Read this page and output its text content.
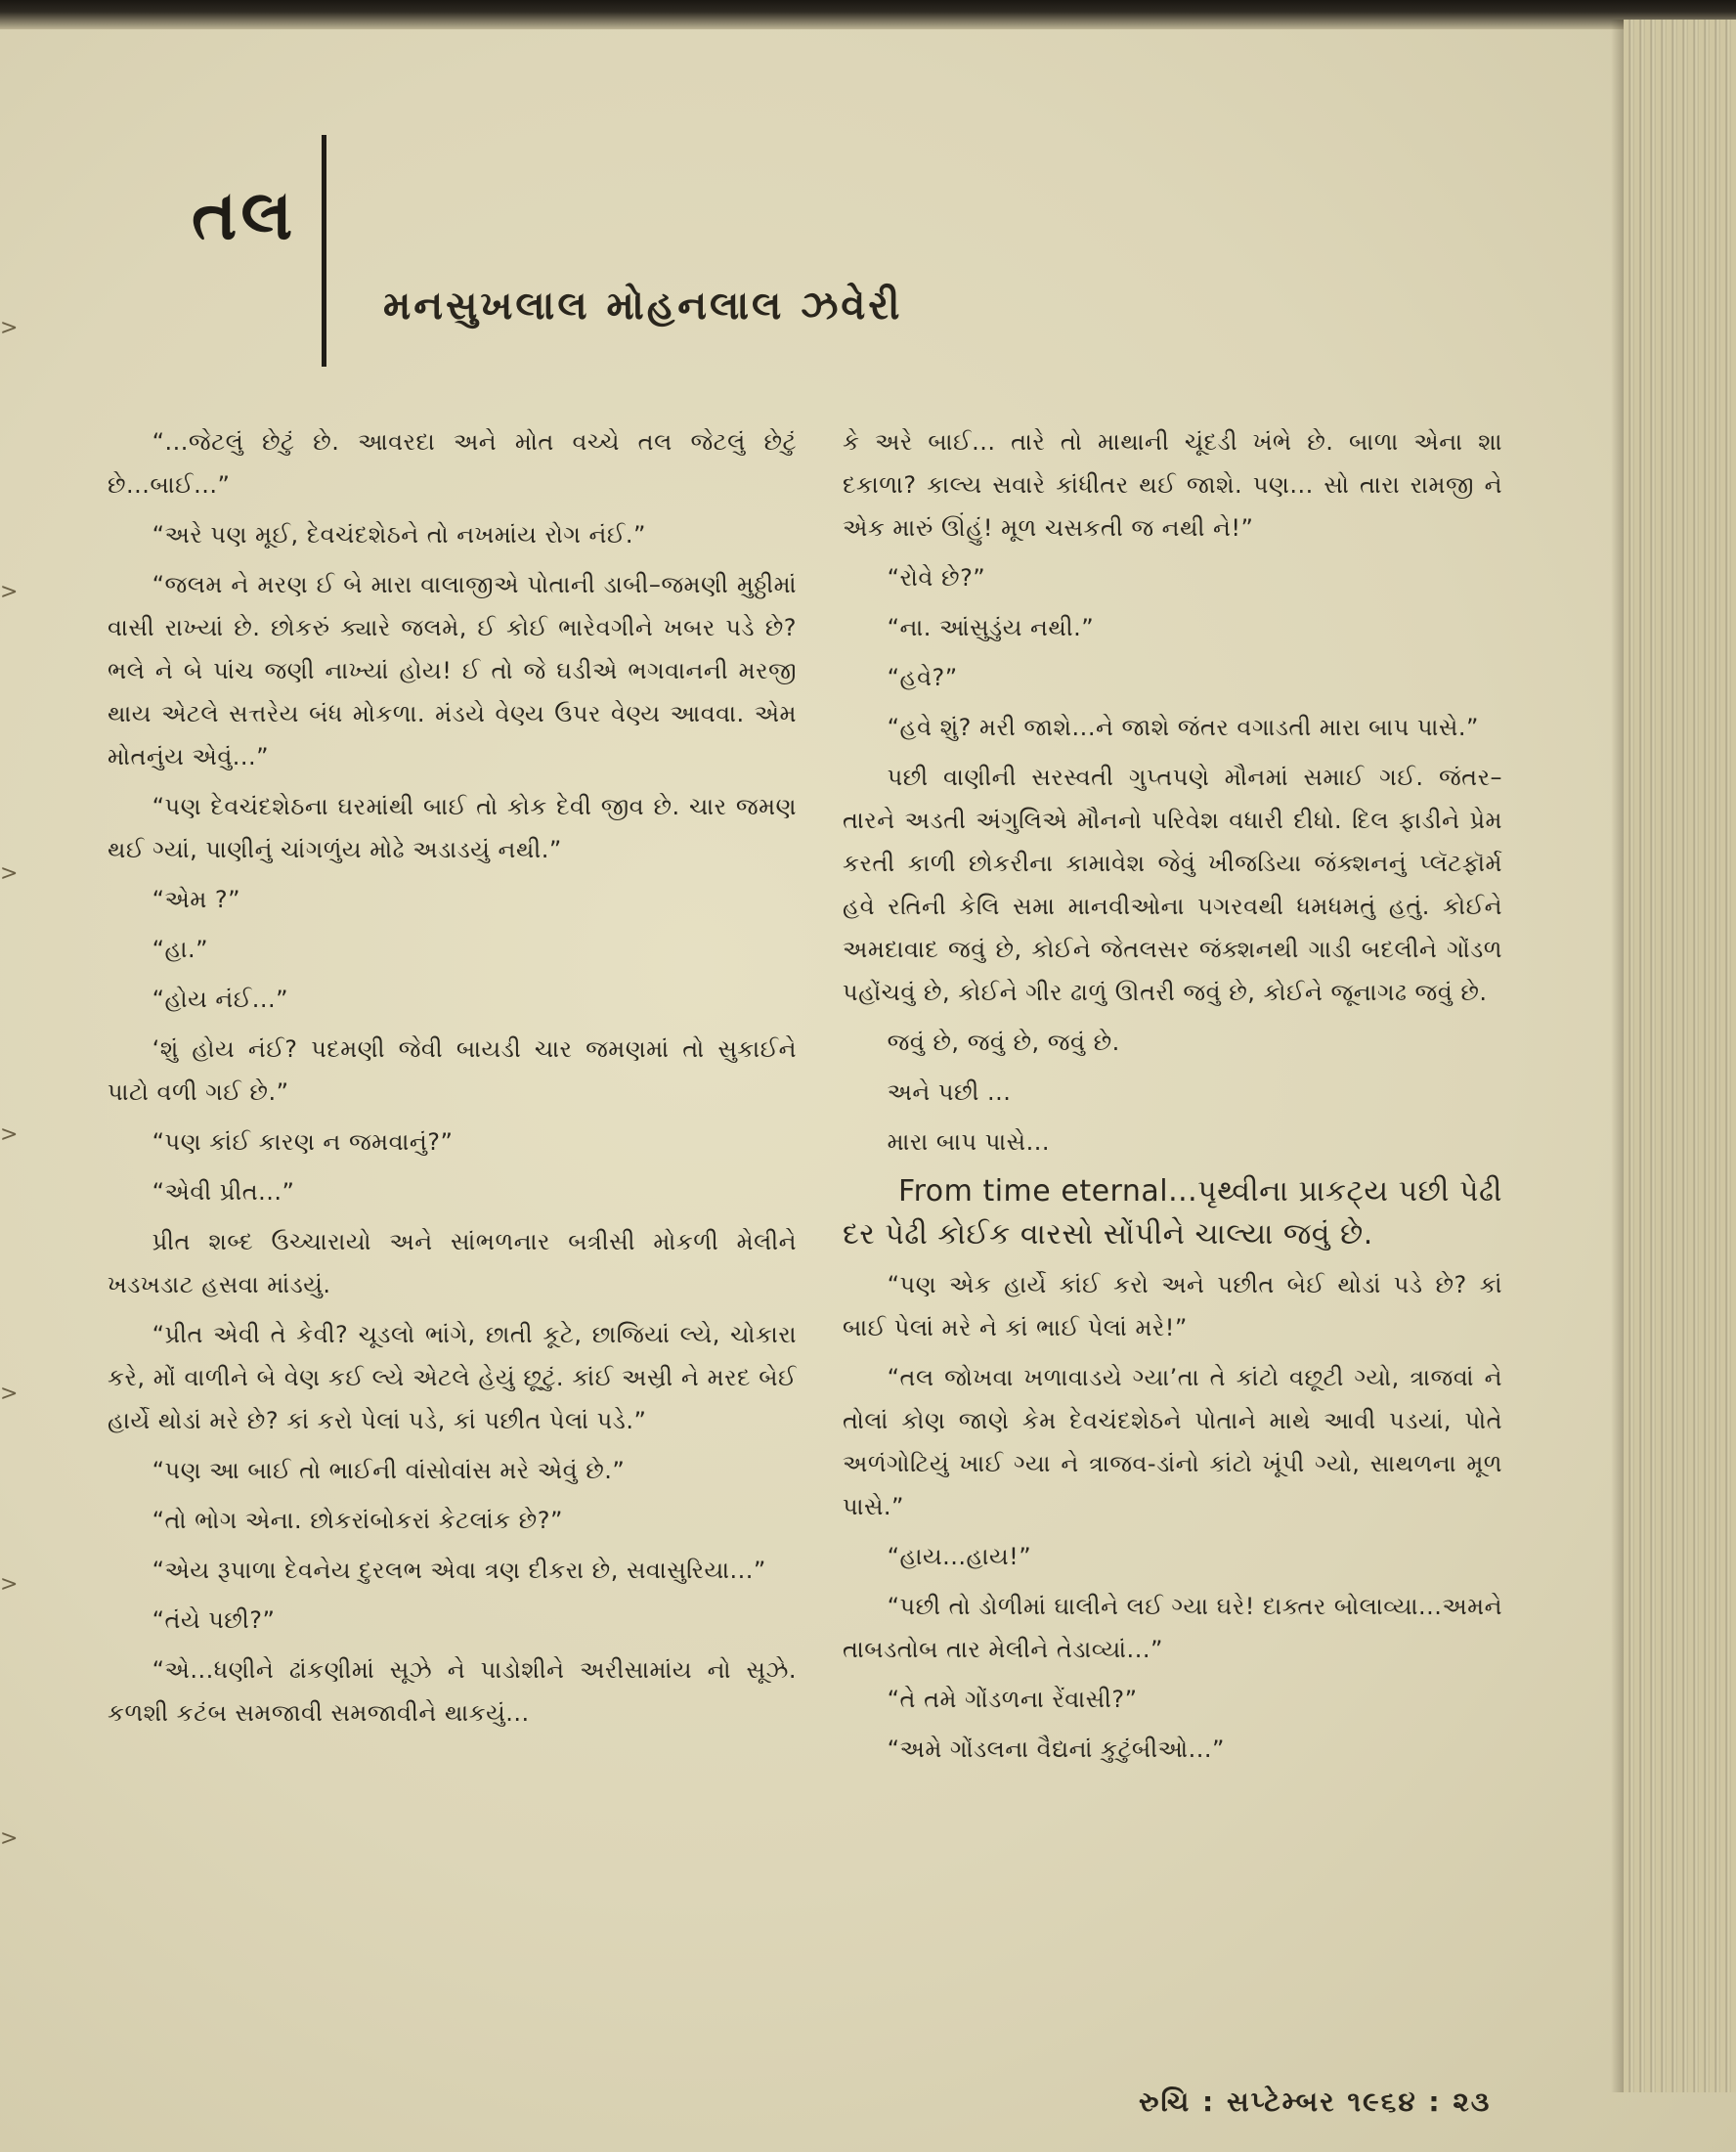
>
>
>
>
>
>
>
તલ
મનસુખલાલ મોહનલાલ ઝવેરી

“...જેટલું છેટું છે. આવરદા અને મોત વચ્ચે તલ જેટલું છેટું છે...બાઈ...”

“અરે પણ મૂઈ, દેવચંદશેઠને તો નખમાંય રોગ નંઈ.”

“જલમ ને મરણ ઈ બે મારા વાલાજીએ પોતાની ડાબી–જમણી મુઠ્ઠીમાં વાસી રાખ્યાં છે. છોકરું ક્યારે જલમે, ઈ કોઈ ભારેવગીને ખબર પડે છે? ભલે ને બે પાંચ જણી નાખ્યાં હોય! ઈ તો જે ઘડીએ ભગવાનની મરજી થાય એટલે સત્તરેય બંધ મોકળા. મંડયે વેણ્ય ઉપર વેણ્ય આવવા. એમ મોતનુંય એવું...”

“પણ દેવચંદશેઠના ઘરમાંથી બાઈ તો કોક દેવી જીવ છે. ચાર જમણ થઈ ગ્યાં, પાણીનું ચાંગળુંય મોઢે અડાડયું નથી.”

“એમ ?”

“હા.”

“હોય નંઈ...”

‘શું હોય નંઈ? પદમણી જેવી બાયડી ચાર જમણમાં તો સુકાઈને પાટો વળી ગઈ છે.”

“પણ કાંઈ કારણ ન જમવાનું?”

“એવી પ્રીત...”

પ્રીત શબ્દ ઉચ્ચારાયો અને સાંભળનાર બત્રીસી મોકળી મેલીને ખડખડાટ હસવા માંડયું.

“પ્રીત એવી તે કેવી? ચૂડલો ભાંગે, છાતી કૂટે, છાજિયાં લ્યે, ચોકારા કરે, મોં વાળીને બે વેણ કઈ લ્યે એટલે હેયું છૂટું. કાંઈ અસ્રી ને મરદ બેઈ હાર્યે થોડાં મરે છે? કાં કરો પેલાં પડે, કાં પછીત પેલાં પડે.”

“પણ આ બાઈ તો ભાઈની વાંસોવાંસ મરે એવું છે.”

“તો ભોગ એના. છોકરાંબોકરાં કેટલાંક છે?”

“એય રૂપાળા દેવનેય દુરલભ એવા ત્રણ દીકરા છે, સવાસુરિયા...”

“તંયે પછી?”

“એ...ધણીને ઢાંકણીમાં સૂઝે ને પાડોશીને અરીસામાંય નો સૂઝે. કળશી કટંબ સમજાવી સમજાવીને થાકયું...

કે અરે બાઈ... તારે તો માથાની ચૂંદડી ખંભે છે. બાળા એના શા દકાળા? કાલ્ય સવારે કાંધીતર થઈ જાશે. પણ... સો તારા રામજી ને એક મારું ઊંહું! મૂળ ચસકતી જ નથી ને!”

“રોવે છે?”

“ના. આંસુડુંય નથી.”

“હવે?”

“હવે શું? મરી જાશે...ને જાશે જંતર વગાડતી મારા બાપ પાસે.”

પછી વાણીની સરસ્વતી ગુપ્તપણે મૌનમાં સમાઈ ગઈ. જંતર–તારને અડતી અંગુલિએ મૌનનો પરિવેશ વધારી દીધો. દિલ ફાડીને પ્રેમ કરતી કાળી છોકરીના કામાવેશ જેવું ખીજડિયા જંક્શનનું પ્લૅટફૉર્મ હવે રતિની કેલિ સમા માનવીઓના પગરવથી ધમધમતું હતું. કોઈને અમદાવાદ જવું છે, કોઈને જેતલસર જંક્શનથી ગાડી બદલીને ગોંડળ પહોંચવું છે, કોઈને ગીર ઢાળું ઊતરી જવું છે, કોઈને જૂનાગઢ જવું છે.

જવું છે, જવું છે, જવું છે.

અને પછી ...

મારા બાપ પાસે...

From time eternal...પૃથ્વીના પ્રાકટ્ય પછી પેઢી દર પેઢી કોઈક વારસો સોંપીને ચાલ્યા જવું છે.

“પણ એક હાર્યે કાંઈ કરો અને પછીત બેઈ થોડાં પડે છે? કાં બાઈ પેલાં મરે ને કાં ભાઈ પેલાં મરે!”

“તલ જોખવા ખળાવાડયે ગ્યા’તા તે કાંટો વછૂટી ગ્યો, ત્રાજવાં ને તોલાં કોણ જાણે કેમ દેવચંદશેઠને પોતાને માથે આવી પડયાં, પોતે અળંગોટિયું ખાઈ ગ્યા ને ત્રાજવ-ડાંનો કાંટો ખૂંપી ગ્યો, સાથળના મૂળ પાસે.”

“હાય...હાય!”

“પછી તો ડોળીમાં ઘાલીને લઈ ગ્યા ઘરે! દાક્તર બોલાવ્યા...અમને તાબડતોબ તાર મેલીને તેડાવ્યાં...”

“તે તમે ગોંડળના રેંવાસી?”

“અમે ગોંડલના વૈદ્યનાં કુટુંબીઓ...”

રુચિ : સપ્ટેમ્બર ૧૯૬૪ : ૨૩
